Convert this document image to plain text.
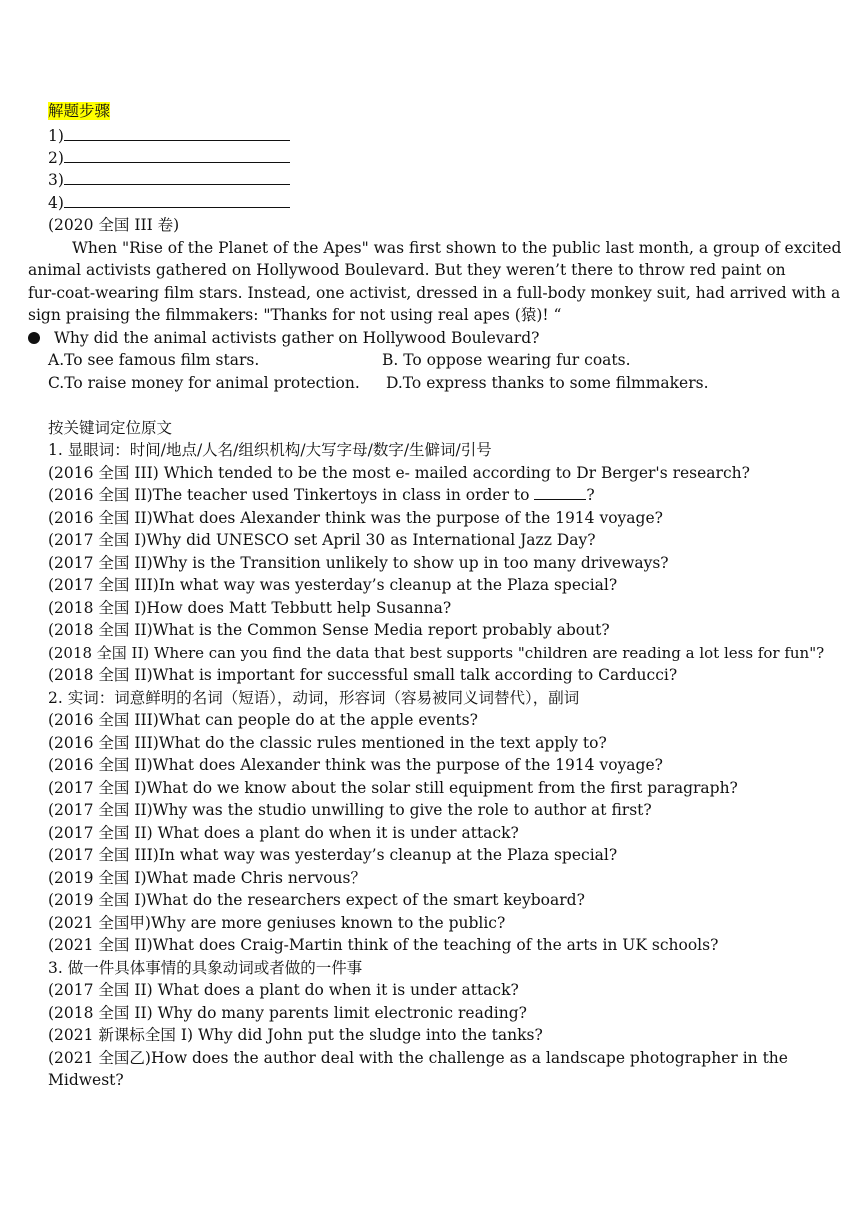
解题步骤
1)
2)
3)
4)
(2020 全国 III 卷)
When "Rise of the Planet of the Apes" was first shown to the public last month, a group of excited
animal activists gathered on Hollywood Boulevard. But they weren’t there to throw red paint on
fur-coat-wearing film stars. Instead, one activist, dressed in a full-body monkey suit, had arrived with a
sign praising the filmmakers: "Thanks for not using real apes (猿)! “
Why did the animal activists gather on Hollywood Boulevard?
A.To see famous film stars.	B. To oppose wearing fur coats.
C.To raise money for animal protection. D.To express thanks to some filmmakers.
按关键词定位原文
1. 显眼词：时间/地点/人名/组织机构/大写字母/数字/生僻词/引号
(2016 全国 III) Which tended to be the most e- mailed according to Dr Berger's research?
(2016 全国 II)The teacher used Tinkertoys in class in order to	?
(2016 全国 II)What does Alexander think was the purpose of the 1914 voyage?
(2017 全国 I)Why did UNESCO set April 30 as International Jazz Day?
(2017 全国 II)Why is the Transition unlikely to show up in too many driveways?
(2017 全国 III)In what way was yesterday’s cleanup at the Plaza special?
(2018 全国 I)How does Matt Tebbutt help Susanna?
(2018 全国 II)What is the Common Sense Media report probably about?
(2018 全国 II) Where can you find the data that best supports "children are reading a lot less for fun"?
(2018 全国 II)What is important for successful small talk according to Carducci?
2. 实词：词意鲜明的名词（短语），动词，形容词（容易被同义词替代），副词
(2016 全国 III)What can people do at the apple events?
(2016 全国 III)What do the classic rules mentioned in the text apply to?
(2016 全国 II)What does Alexander think was the purpose of the 1914 voyage?
(2017 全国 I)What do we know about the solar still equipment from the first paragraph?
(2017 全国 II)Why was the studio unwilling to give the role to author at first?
(2017 全国 II) What does a plant do when it is under attack?
(2017 全国 III)In what way was yesterday’s cleanup at the Plaza special?
(2019 全国 I)What made Chris nervous？
(2019 全国 I)What do the researchers expect of the smart keyboard?
(2021 全国甲)Why are more geniuses known to the public?
(2021 全国 II)What does Craig-Martin think of the teaching of the arts in UK schools?
3. 做一件具体事情的具象动词或者做的一件事
(2017 全国 II) What does a plant do when it is under attack?
(2018 全国 II) Why do many parents limit electronic reading?
(2021 新课标全国 I) Why did John put the sludge into the tanks?
(2021 全国乙)How does the author deal with the challenge as a landscape photographer in the
Midwest?
